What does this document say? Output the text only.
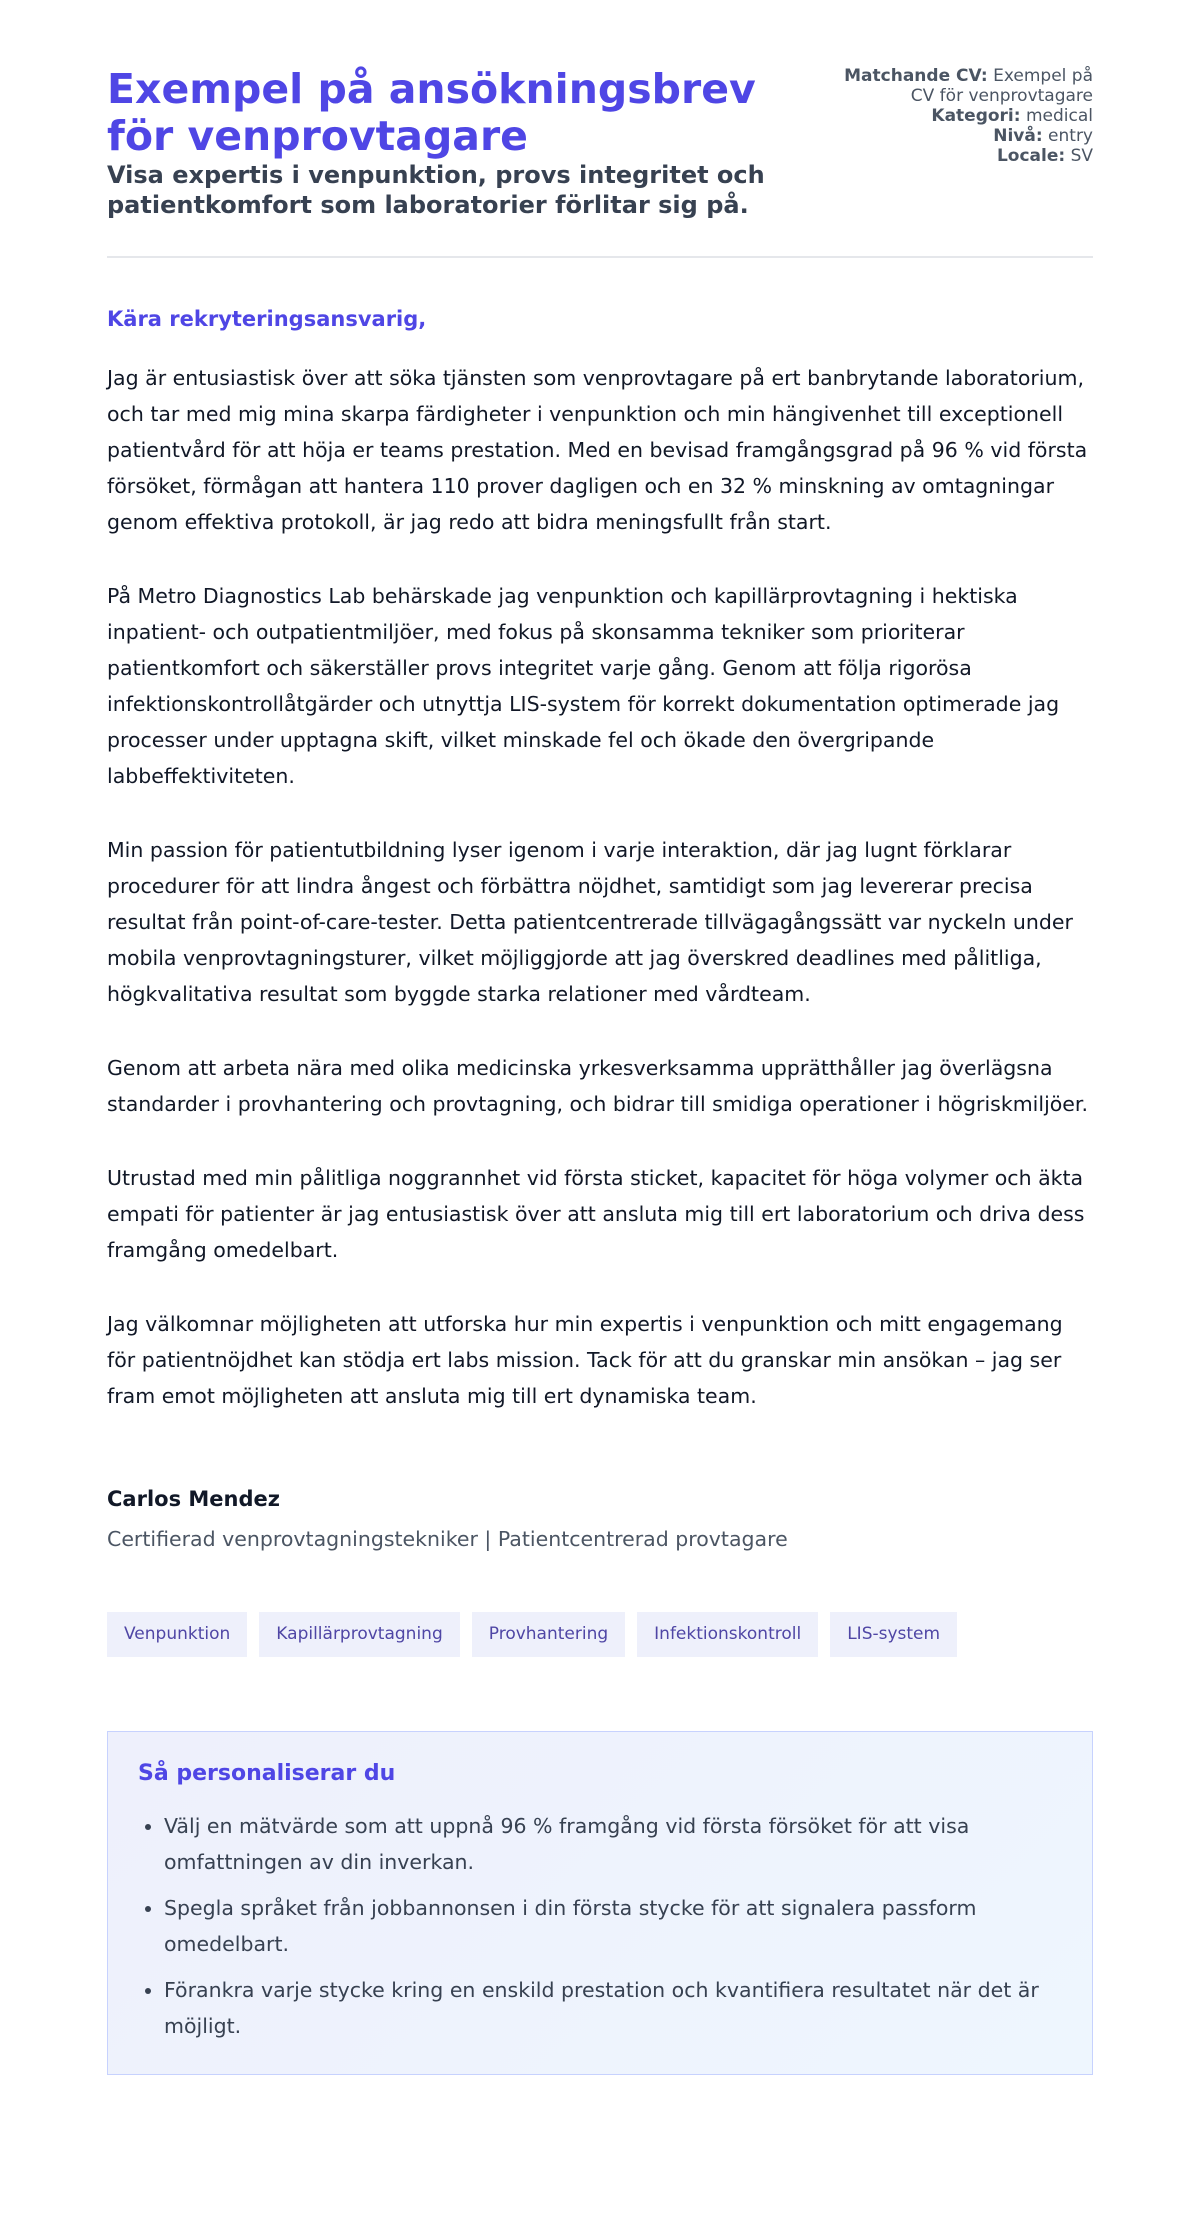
Exempel på ansökningsbrev för venprovtagare
Visa expertis i venpunktion, provs integritet och patientkomfort som laboratorier förlitar sig på.
Matchande CV: Exempel på CV för venprovtagare
Kategori: medical
Nivå: entry
Locale: SV

Kära rekryteringsansvarig,

Jag är entusiastisk över att söka tjänsten som venprovtagare på ert banbrytande laboratorium, och tar med mig mina skarpa färdigheter i venpunktion och min hängivenhet till exceptionell patientvård för att höja er teams prestation. Med en bevisad framgångsgrad på 96 % vid första försöket, förmågan att hantera 110 prover dagligen och en 32 % minskning av omtagningar genom effektiva protokoll, är jag redo att bidra meningsfullt från start.

På Metro Diagnostics Lab behärskade jag venpunktion och kapillärprovtagning i hektiska inpatient- och outpatientmiljöer, med fokus på skonsamma tekniker som prioriterar patientkomfort och säkerställer provs integritet varje gång. Genom att följa rigorösa infektionskontrollåtgärder och utnyttja LIS-system för korrekt dokumentation optimerade jag processer under upptagna skift, vilket minskade fel och ökade den övergripande labbeffektiviteten.

Min passion för patientutbildning lyser igenom i varje interaktion, där jag lugnt förklarar procedurer för att lindra ångest och förbättra nöjdhet, samtidigt som jag levererar precisa resultat från point-of-care-tester. Detta patientcentrerade tillvägagångssätt var nyckeln under mobila venprovtagningsturer, vilket möjliggjorde att jag överskred deadlines med pålitliga, högkvalitativa resultat som byggde starka relationer med vårdteam.

Genom att arbeta nära med olika medicinska yrkesverksamma upprätthåller jag överlägsna standarder i provhantering och provtagning, och bidrar till smidiga operationer i högriskmiljöer.

Utrustad med min pålitliga noggrannhet vid första sticket, kapacitet för höga volymer och äkta empati för patienter är jag entusiastisk över att ansluta mig till ert laboratorium och driva dess framgång omedelbart.

Jag välkomnar möjligheten att utforska hur min expertis i venpunktion och mitt engagemang för patientnöjdhet kan stödja ert labs mission. Tack för att du granskar min ansökan – jag ser fram emot möjligheten att ansluta mig till ert dynamiska team.

Carlos Mendez
Certifierad venprovtagningstekniker | Patientcentrerad provtagare
Venpunktion	Kapillärprovtagning	Provhantering	Infektionskontroll	LIS-system
Så personaliserar du
• Välj en mätvärde som att uppnå 96 % framgång vid första försöket för att visa omfattningen av din inverkan.
• Spegla språket från jobbannonsen i din första stycke för att signalera passform omedelbart.
• Förankra varje stycke kring en enskild prestation och kvantifiera resultatet när det är möjligt.
